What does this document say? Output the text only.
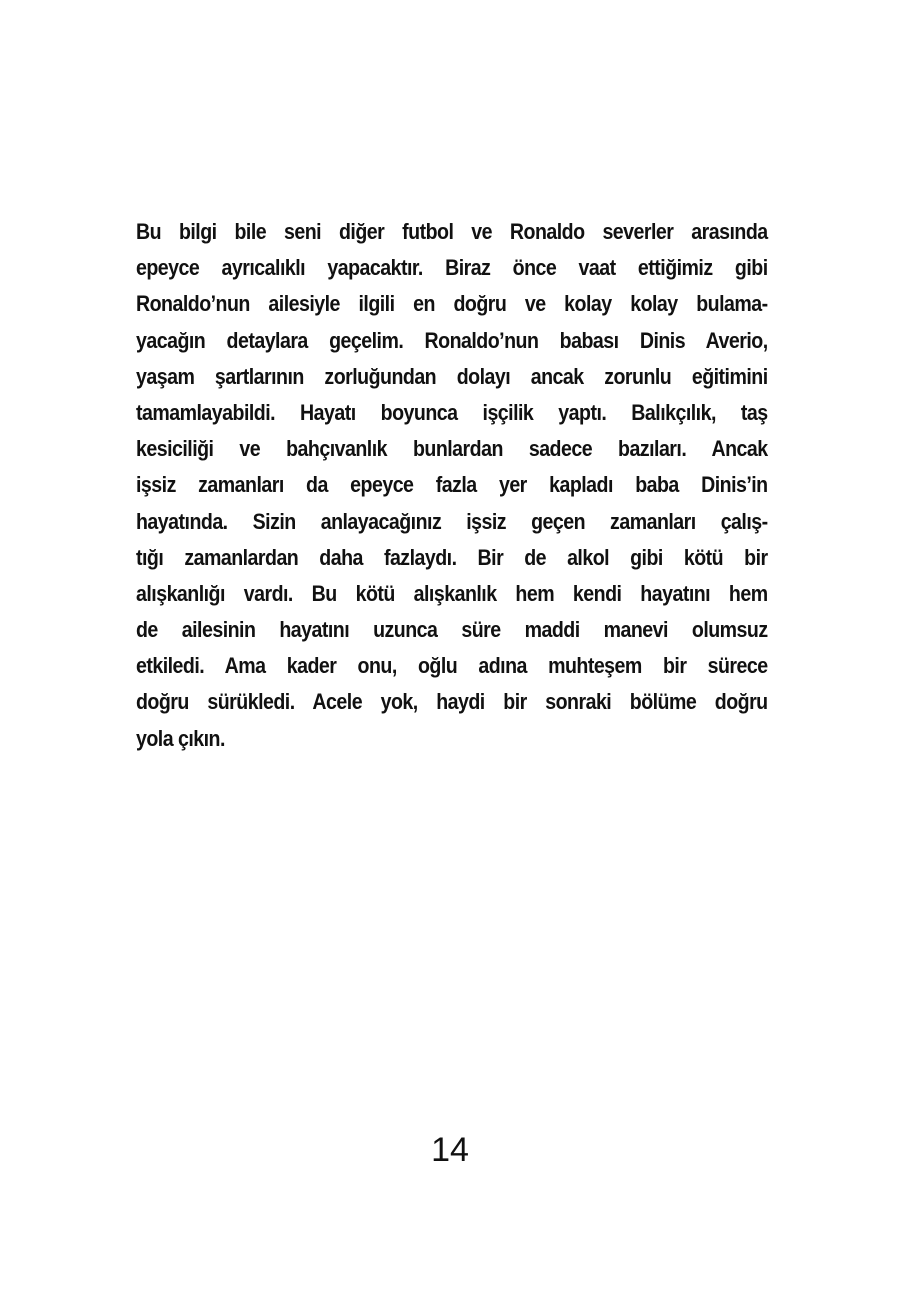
Bu bilgi bile seni diğer futbol ve Ronaldo severler arasında
epeyce ayrıcalıklı yapacaktır. Biraz önce vaat ettiğimiz gibi
Ronaldo’nun ailesiyle ilgili en doğru ve kolay kolay bulama-
yacağın detaylara geçelim. Ronaldo’nun babası Dinis Averio,
yaşam şartlarının zorluğundan dolayı ancak zorunlu eğitimini
tamamlayabildi. Hayatı boyunca işçilik yaptı. Balıkçılık, taş
kesiciliği ve bahçıvanlık bunlardan sadece bazıları. Ancak
işsiz zamanları da epeyce fazla yer kapladı baba Dinis’in
hayatında. Sizin anlayacağınız işsiz geçen zamanları çalış-
tığı zamanlardan daha fazlaydı. Bir de alkol gibi kötü bir
alışkanlığı vardı. Bu kötü alışkanlık hem kendi hayatını hem
de ailesinin hayatını uzunca süre maddi manevi olumsuz
etkiledi. Ama kader onu, oğlu adına muhteşem bir sürece
doğru sürükledi. Acele yok, haydi bir sonraki bölüme doğru
yola çıkın.
14
